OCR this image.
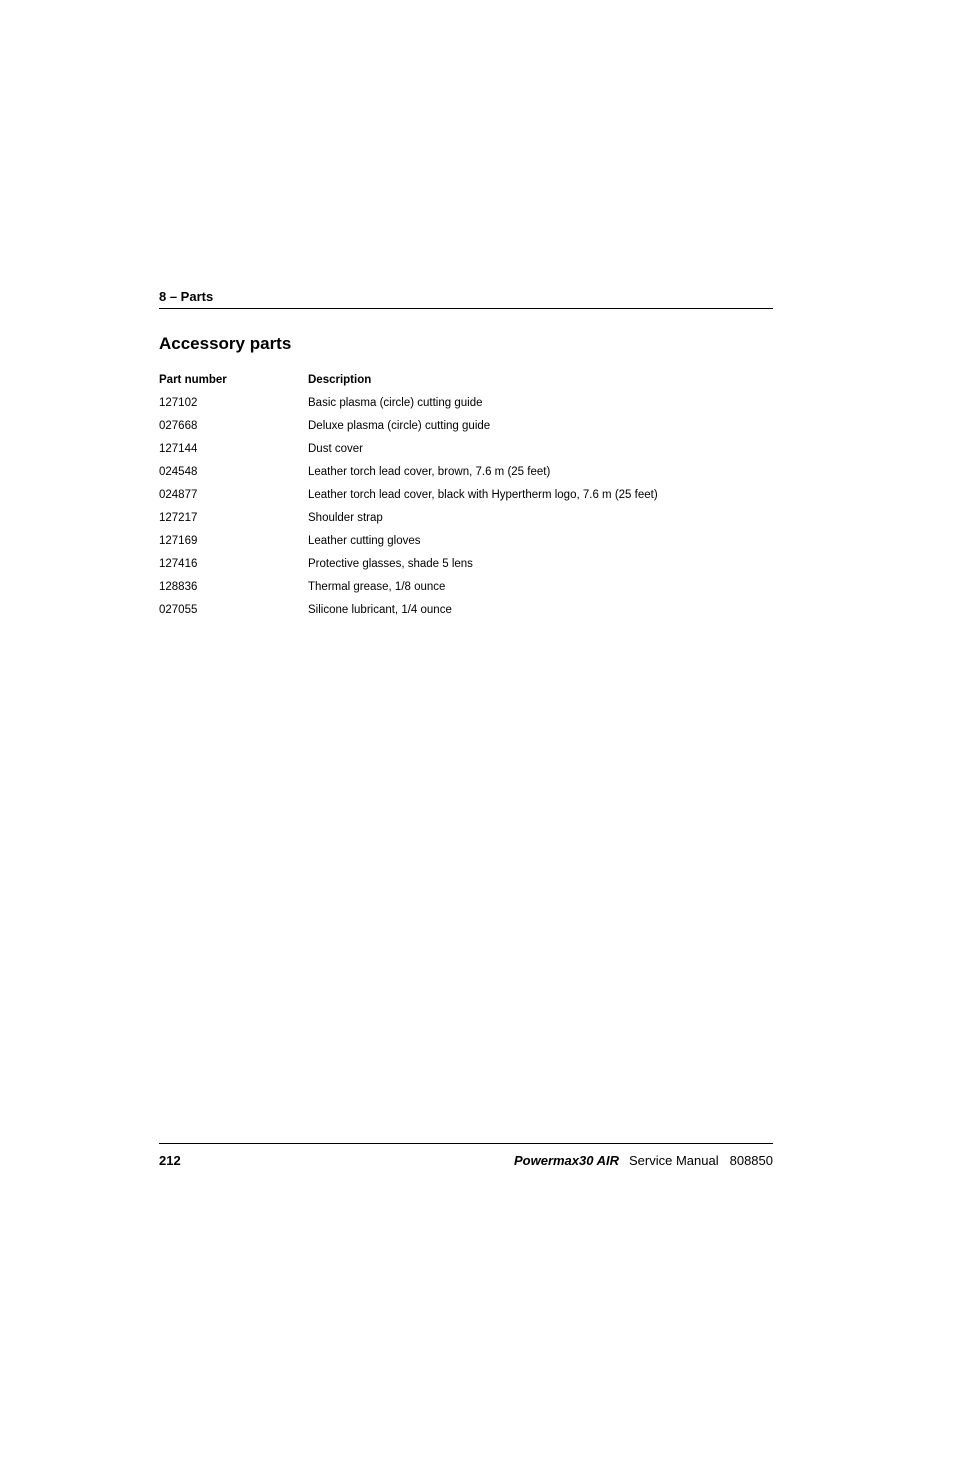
8 – Parts
Accessory parts
Part number	Description
127102	Basic plasma (circle) cutting guide
027668	Deluxe plasma (circle) cutting guide
127144	Dust cover
024548	Leather torch lead cover, brown, 7.6 m (25 feet)
024877	Leather torch lead cover, black with Hypertherm logo, 7.6 m (25 feet)
127217	Shoulder strap
127169	Leather cutting gloves
127416	Protective glasses, shade 5 lens
128836	Thermal grease, 1/8 ounce
027055	Silicone lubricant, 1/4 ounce
212	Powermax30 AIR Service Manual 808850
